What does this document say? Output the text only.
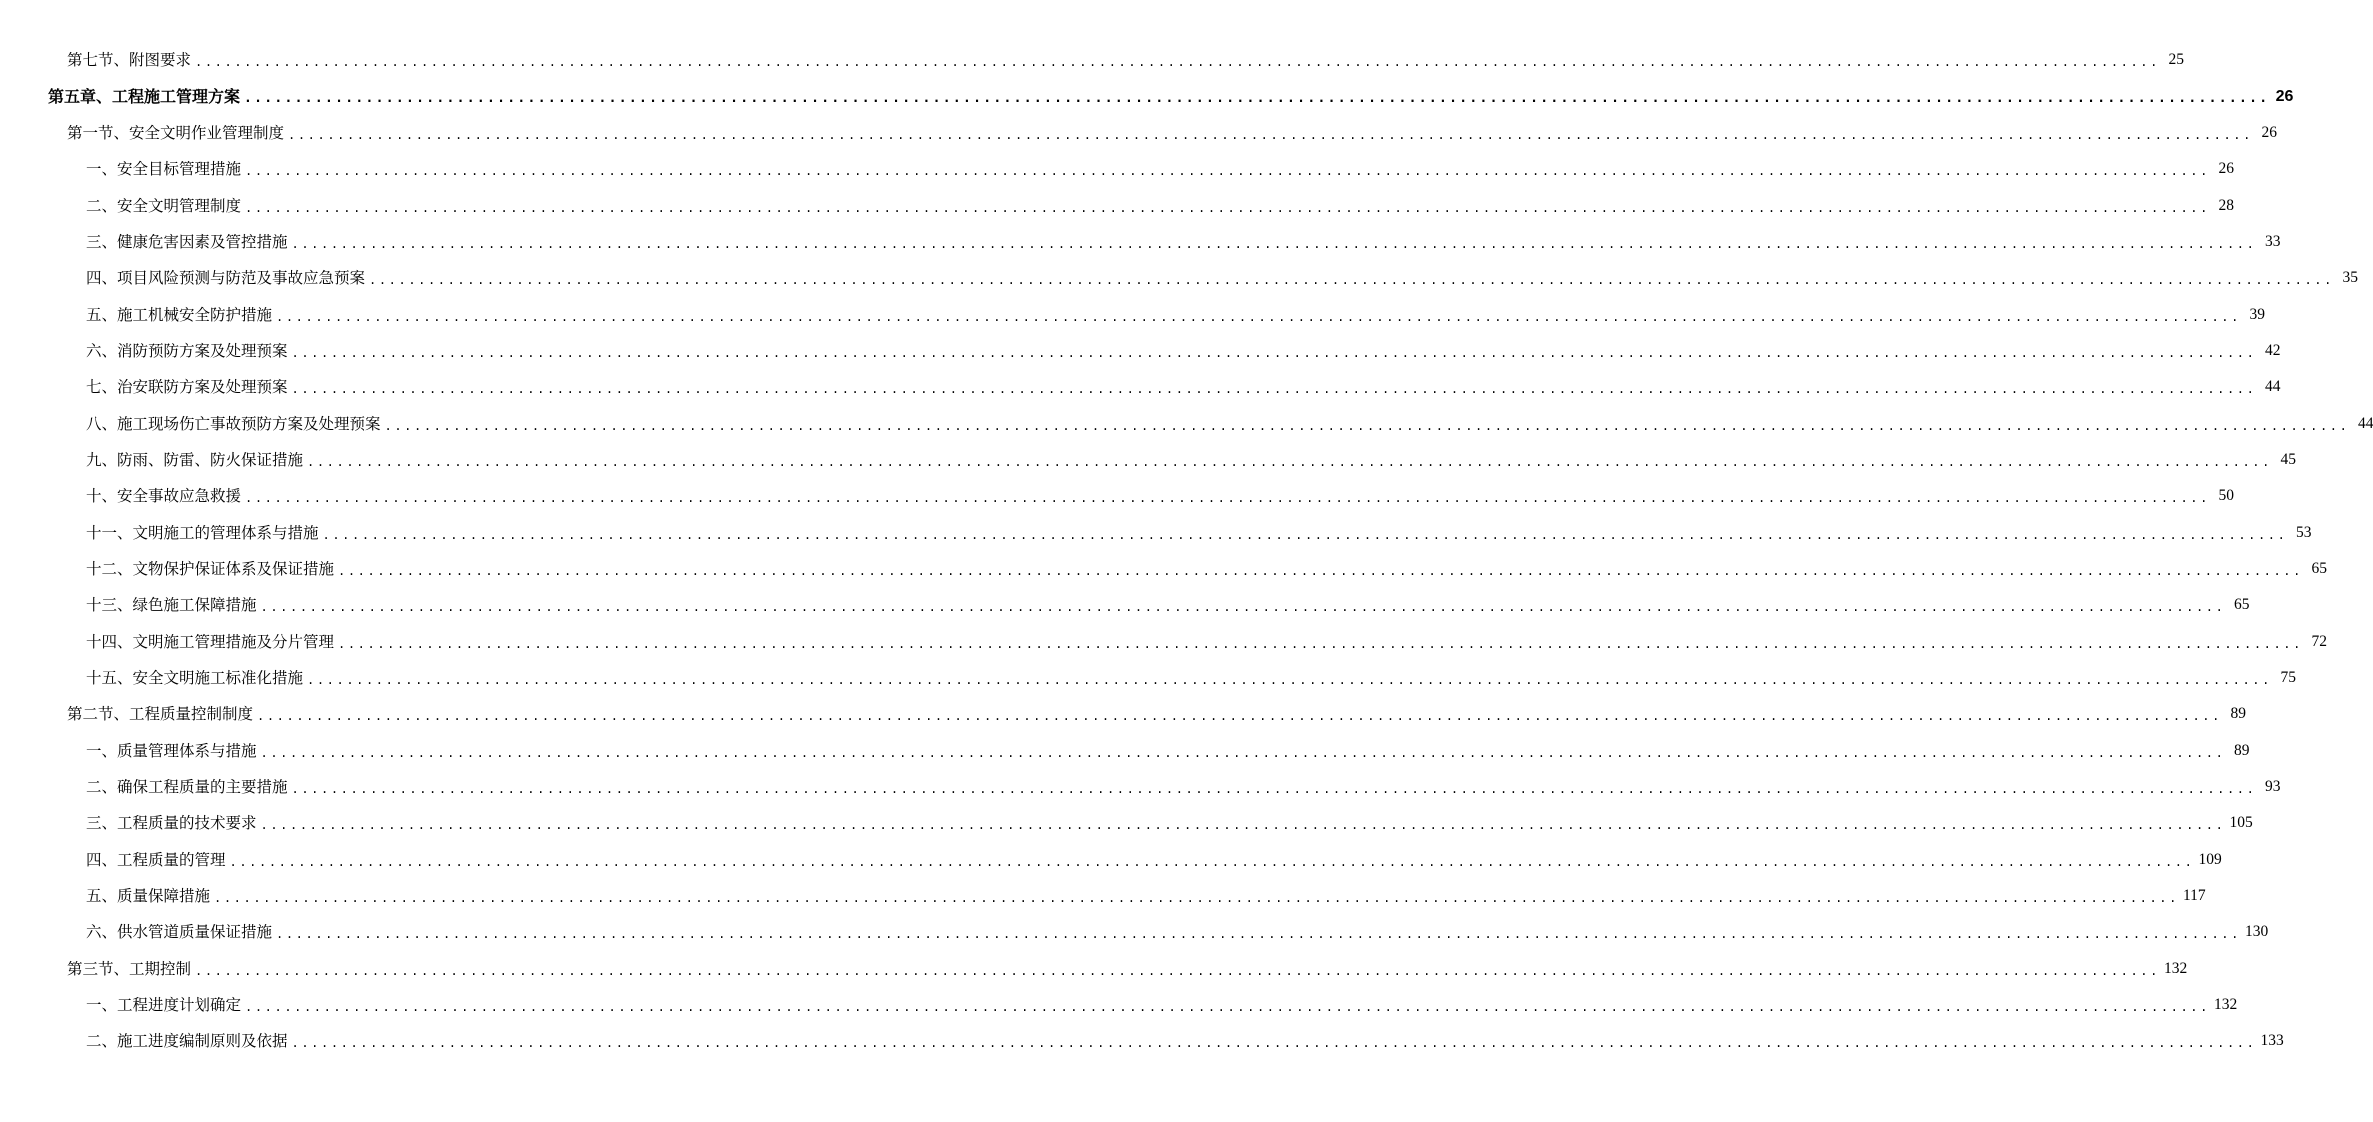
第七节、附图要求 ........................................................................................................................................................................................................ 25
第五章、工程施工管理方案 ........................................................................................................................................................................................................ 26
第一节、安全文明作业管理制度 ........................................................................................................................................................................................................ 26
一、安全目标管理措施 ........................................................................................................................................................................................................ 26
二、安全文明管理制度 ........................................................................................................................................................................................................ 28
三、健康危害因素及管控措施 ........................................................................................................................................................................................................ 33
四、项目风险预测与防范及事故应急预案 ........................................................................................................................................................................................................ 35
五、施工机械安全防护措施 ........................................................................................................................................................................................................ 39
六、消防预防方案及处理预案 ........................................................................................................................................................................................................ 42
七、治安联防方案及处理预案 ........................................................................................................................................................................................................ 44
八、施工现场伤亡事故预防方案及处理预案 ........................................................................................................................................................................................................ 44
九、防雨、防雷、防火保证措施 ........................................................................................................................................................................................................ 45
十、安全事故应急救援 ........................................................................................................................................................................................................ 50
十一、文明施工的管理体系与措施 ........................................................................................................................................................................................................ 53
十二、文物保护保证体系及保证措施 ........................................................................................................................................................................................................ 65
十三、绿色施工保障措施 ........................................................................................................................................................................................................ 65
十四、文明施工管理措施及分片管理 ........................................................................................................................................................................................................ 72
十五、安全文明施工标准化措施 ........................................................................................................................................................................................................ 75
第二节、工程质量控制制度 ........................................................................................................................................................................................................ 89
一、质量管理体系与措施 ........................................................................................................................................................................................................ 89
二、确保工程质量的主要措施 ........................................................................................................................................................................................................ 93
三、工程质量的技术要求 ........................................................................................................................................................................................................ 105
四、工程质量的管理 ........................................................................................................................................................................................................ 109
五、质量保障措施 ........................................................................................................................................................................................................ 117
六、供水管道质量保证措施 ........................................................................................................................................................................................................ 130
第三节、工期控制 ........................................................................................................................................................................................................ 132
一、工程进度计划确定 ........................................................................................................................................................................................................ 132
二、施工进度编制原则及依据 ........................................................................................................................................................................................................ 133
